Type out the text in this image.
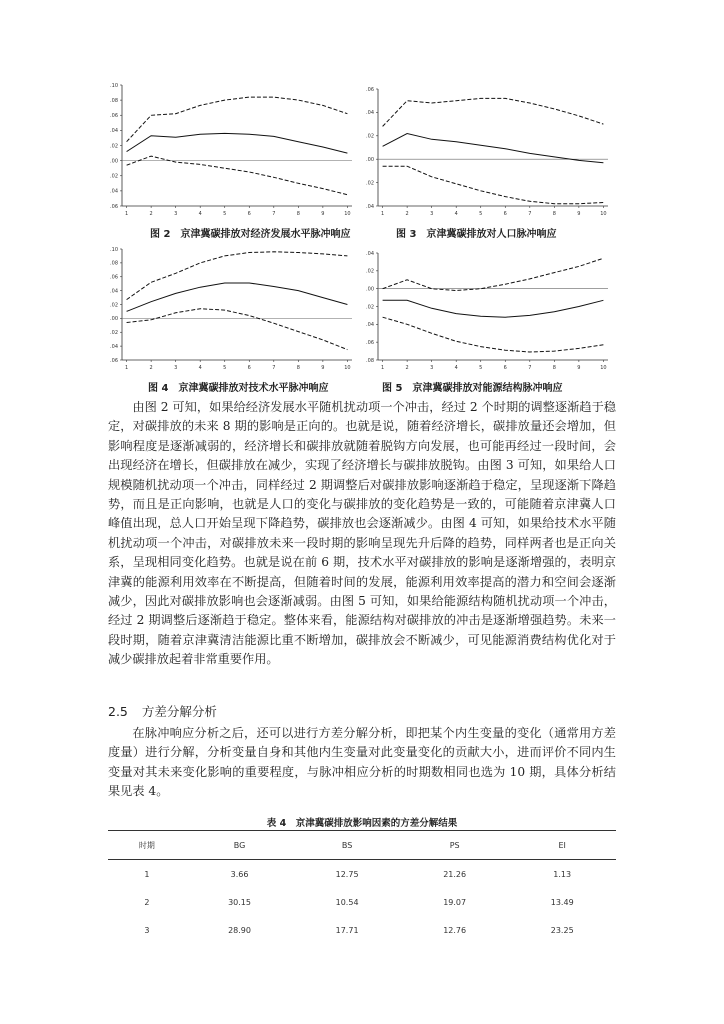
.06
.04
.02
.00
.02
.04
.06
.08
.10
1	2	3	4	5	6	7	8	9	10
图 2　京津冀碳排放对经济发展水平脉冲响应
.04
.02
.00
.02
.04
.06
1	2	3	4	5	6	7	8	9	10
图 3　京津冀碳排放对人口脉冲响应
.06
.04
.02
.00
.02
.04
.06
.08
.10
1	2	3	4	5	6	7	8	9	10
图 4　京津冀碳排放对技术水平脉冲响应
.08
.06
.04
.02
.00
.02
.04
1	2	3	4	5	6	7	8	9	10
图 5　京津冀碳排放对能源结构脉冲响应

由图 2 可知，如果给经济发展水平随机扰动项一个冲击，经过 2 个时期的调整逐渐趋于稳定，对碳排放的未来 8 期的影响是正向的。也就是说，随着经济增长，碳排放量还会增加，但影响程度是逐渐减弱的，经济增长和碳排放就随着脱钩方向发展，也可能再经过一段时间，会出现经济在增长，但碳排放在减少，实现了经济增长与碳排放脱钩。由图 3 可知，如果给人口规模随机扰动项一个冲击，同样经过 2 期调整后对碳排放影响逐渐趋于稳定，呈现逐渐下降趋势，而且是正向影响，也就是人口的变化与碳排放的变化趋势是一致的，可能随着京津冀人口峰值出现，总人口开始呈现下降趋势，碳排放也会逐渐减少。由图 4 可知，如果给技术水平随机扰动项一个冲击，对碳排放未来一段时期的影响呈现先升后降的趋势，同样两者也是正向关系，呈现相同变化趋势。也就是说在前 6 期，技术水平对碳排放的影响是逐渐增强的，表明京津冀的能源利用效率在不断提高，但随着时间的发展，能源利用效率提高的潜力和空间会逐渐减少，因此对碳排放影响也会逐渐减弱。由图 5 可知，如果给能源结构随机扰动项一个冲击，经过 2 期调整后逐渐趋于稳定。整体来看，能源结构对碳排放的冲击是逐渐增强趋势。未来一段时期，随着京津冀清洁能源比重不断增加，碳排放会不断减少，可见能源消费结构优化对于减少碳排放起着非常重要作用。

2.5 方差分解分析

在脉冲响应分析之后，还可以进行方差分解分析，即把某个内生变量的变化（通常用方差度量）进行分解，分析变量自身和其他内生变量对此变量变化的贡献大小，进而评价不同内生变量对其未来变化影响的重要程度，与脉冲相应分析的时期数相同也选为 10 期，具体分析结果见表 4。

表 4　京津冀碳排放影响因素的方差分解结果
时期	BG	BS	PS	EI
1	3.66	12.75	21.26	1.13
2	30.15	10.54	19.07	13.49
3	28.90	17.71	12.76	23.25
